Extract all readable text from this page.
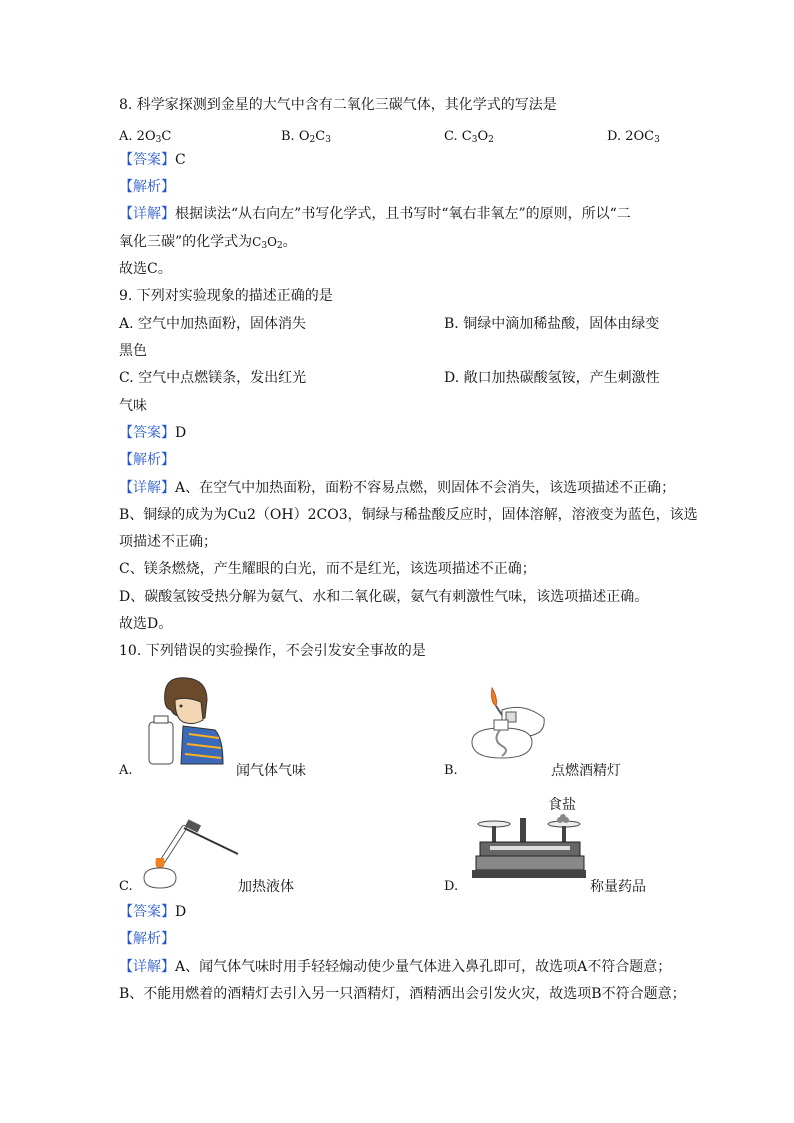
8. 科学家探测到金星的大气中含有二氧化三碳气体，其化学式的写法是
A. $2O_3C$	B. $O_2C_3$	C. $C_3O_2$	D. $2OC_3$
【答案】C
【解析】
【详解】根据读法“从右向左”书写化学式，且书写时“氧右非氧左”的原则，所以“二
氧化三碳”的化学式为$C_3O_2$。
故选C。
9. 下列对实验现象的描述正确的是
A. 空气中加热面粉，固体消失	B. 铜绿中滴加稀盐酸，固体由绿变
黑色
C. 空气中点燃镁条，发出红光	D. 敞口加热碳酸氢铵，产生刺激性
气味
【答案】D
【解析】
【详解】A、在空气中加热面粉，面粉不容易点燃，则固体不会消失，该选项描述不正确；
B、铜绿的成为为Cu2（OH）2CO3，铜绿与稀盐酸反应时，固体溶解，溶液变为蓝色，该选
项描述不正确；
C、镁条燃烧，产生耀眼的白光，而不是红光，该选项描述不正确；
D、碳酸氢铵受热分解为氨气、水和二氧化碳，氨气有刺激性气味，该选项描述正确。
故选D。
10. 下列错误的实验操作，不会引发安全事故的是
A.	闻气体气味	B.	点燃酒精灯
C.	加热液体
食盐
D.	称量药品
【答案】D
【解析】
【详解】A、闻气体气味时用手轻轻煽动使少量气体进入鼻孔即可，故选项A不符合题意；
B、不能用燃着的酒精灯去引入另一只酒精灯，酒精洒出会引发火灾，故选项B不符合题意；
